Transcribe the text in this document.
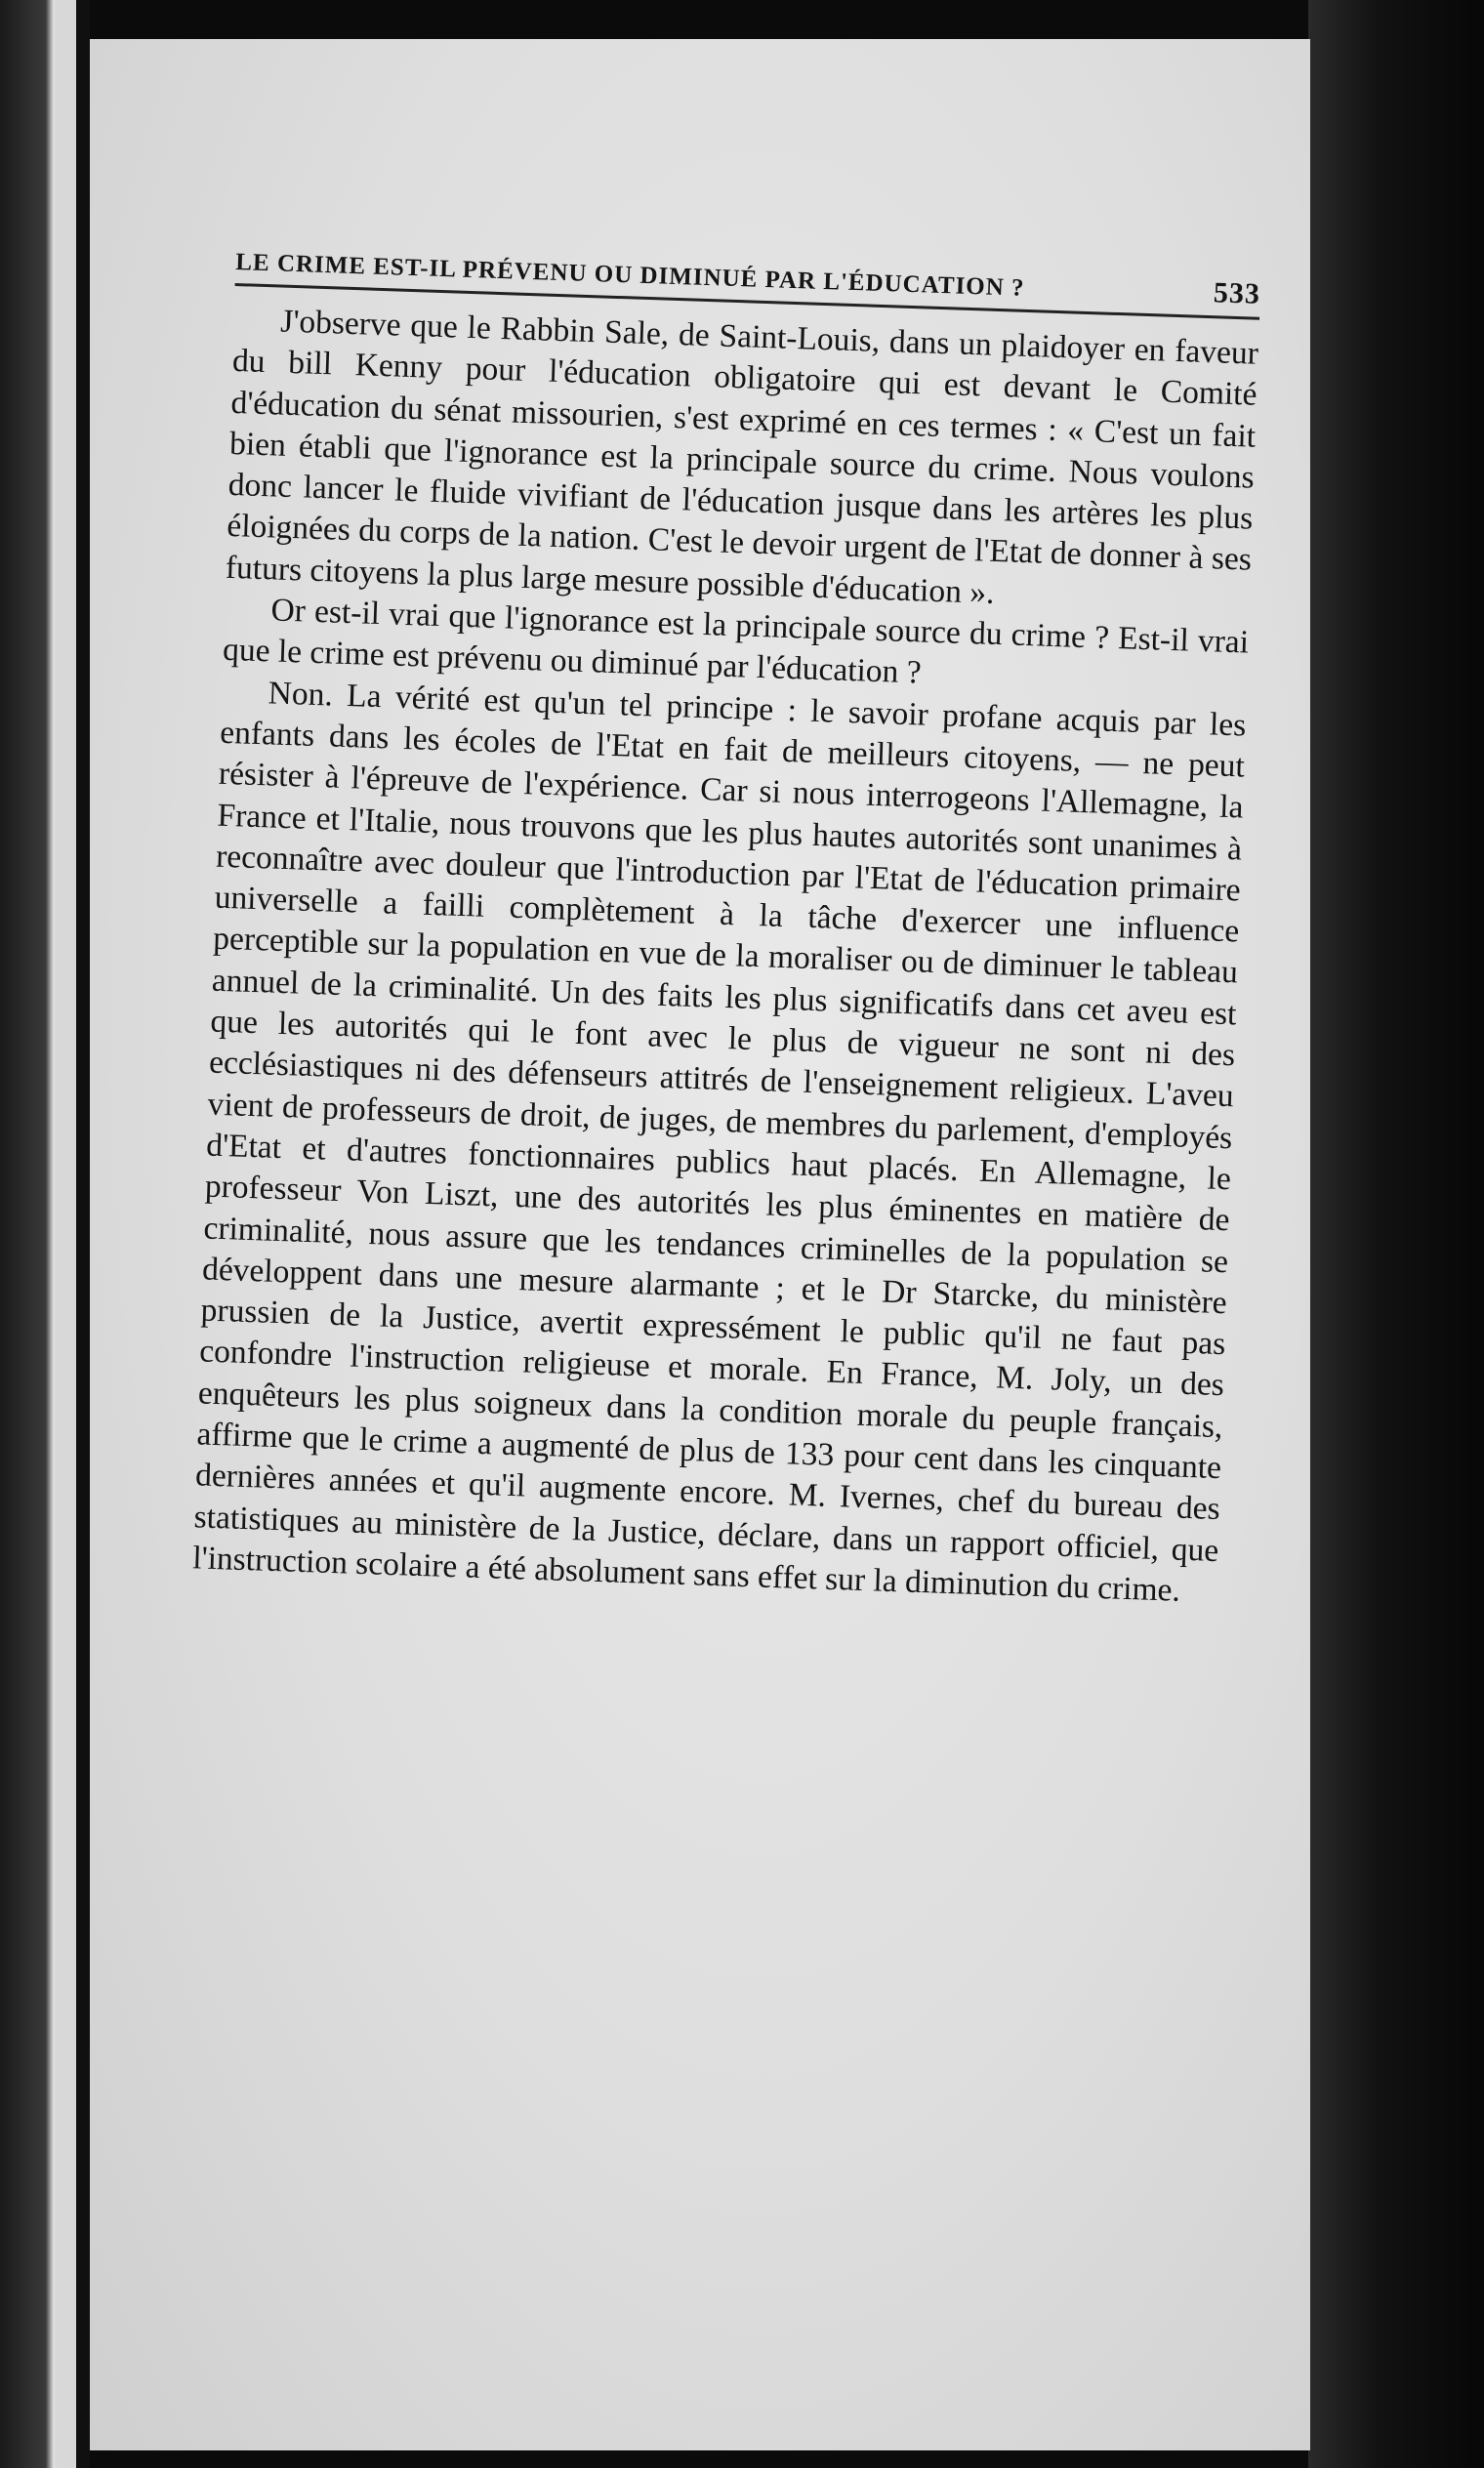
LE CRIME EST-IL PRÉVENU OU DIMINUÉ PAR L'ÉDUCATION ?	533

J'observe que le Rabbin Sale, de Saint-Louis, dans un plaidoyer en faveur du bill Kenny pour l'éducation obligatoire qui est devant le Comité d'éducation du sénat missourien, s'est exprimé en ces termes : « C'est un fait bien établi que l'ignorance est la principale source du crime. Nous voulons donc lancer le fluide vivifiant de l'éducation jusque dans les artères les plus éloignées du corps de la nation. C'est le devoir urgent de l'Etat de donner à ses futurs citoyens la plus large mesure possible d'éducation ».

Or est-il vrai que l'ignorance est la principale source du crime ? Est-il vrai que le crime est prévenu ou diminué par l'éducation ?

Non. La vérité est qu'un tel principe : le savoir profane acquis par les enfants dans les écoles de l'Etat en fait de meilleurs citoyens, — ne peut résister à l'épreuve de l'expérience. Car si nous interrogeons l'Allemagne, la France et l'Italie, nous trouvons que les plus hautes autorités sont unanimes à reconnaître avec douleur que l'introduction par l'Etat de l'éducation primaire universelle a failli complètement à la tâche d'exercer une influence perceptible sur la population en vue de la moraliser ou de diminuer le tableau annuel de la criminalité. Un des faits les plus significatifs dans cet aveu est que les autorités qui le font avec le plus de vigueur ne sont ni des ecclésiastiques ni des défenseurs attitrés de l'enseignement religieux. L'aveu vient de professeurs de droit, de juges, de membres du parlement, d'employés d'Etat et d'autres fonctionnaires publics haut placés. En Allemagne, le professeur Von Liszt, une des autorités les plus éminentes en matière de criminalité, nous assure que les tendances criminelles de la population se développent dans une mesure alarmante ; et le Dr Starcke, du ministère prussien de la Justice, avertit expressément le public qu'il ne faut pas confondre l'instruction religieuse et morale. En France, M. Joly, un des enquêteurs les plus soigneux dans la condition morale du peuple français, affirme que le crime a augmenté de plus de 133 pour cent dans les cinquante dernières années et qu'il augmente encore. M. Ivernes, chef du bureau des statistiques au ministère de la Justice, déclare, dans un rapport officiel, que l'instruction scolaire a été absolument sans effet sur la diminution du crime.
